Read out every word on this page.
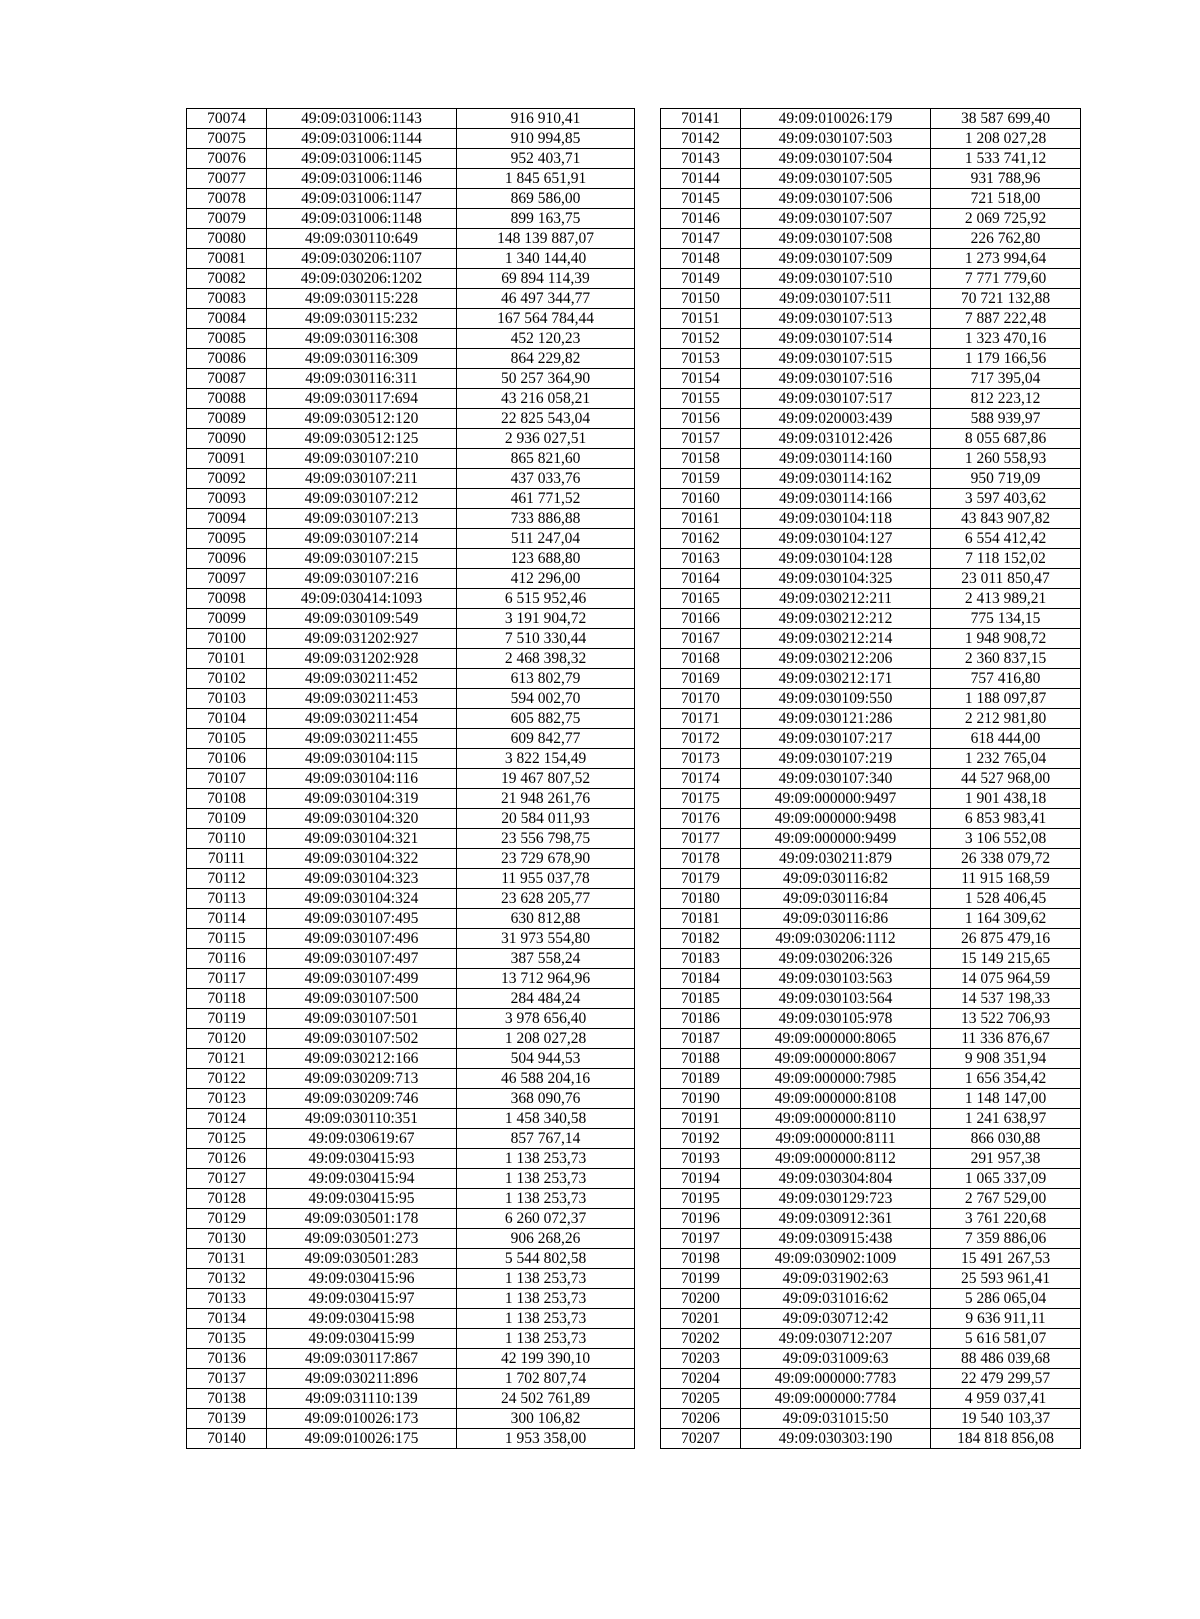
70074	49:09:031006:1143	916 910,41
70075	49:09:031006:1144	910 994,85
70076	49:09:031006:1145	952 403,71
70077	49:09:031006:1146	1 845 651,91
70078	49:09:031006:1147	869 586,00
70079	49:09:031006:1148	899 163,75
70080	49:09:030110:649	148 139 887,07
70081	49:09:030206:1107	1 340 144,40
70082	49:09:030206:1202	69 894 114,39
70083	49:09:030115:228	46 497 344,77
70084	49:09:030115:232	167 564 784,44
70085	49:09:030116:308	452 120,23
70086	49:09:030116:309	864 229,82
70087	49:09:030116:311	50 257 364,90
70088	49:09:030117:694	43 216 058,21
70089	49:09:030512:120	22 825 543,04
70090	49:09:030512:125	2 936 027,51
70091	49:09:030107:210	865 821,60
70092	49:09:030107:211	437 033,76
70093	49:09:030107:212	461 771,52
70094	49:09:030107:213	733 886,88
70095	49:09:030107:214	511 247,04
70096	49:09:030107:215	123 688,80
70097	49:09:030107:216	412 296,00
70098	49:09:030414:1093	6 515 952,46
70099	49:09:030109:549	3 191 904,72
70100	49:09:031202:927	7 510 330,44
70101	49:09:031202:928	2 468 398,32
70102	49:09:030211:452	613 802,79
70103	49:09:030211:453	594 002,70
70104	49:09:030211:454	605 882,75
70105	49:09:030211:455	609 842,77
70106	49:09:030104:115	3 822 154,49
70107	49:09:030104:116	19 467 807,52
70108	49:09:030104:319	21 948 261,76
70109	49:09:030104:320	20 584 011,93
70110	49:09:030104:321	23 556 798,75
70111	49:09:030104:322	23 729 678,90
70112	49:09:030104:323	11 955 037,78
70113	49:09:030104:324	23 628 205,77
70114	49:09:030107:495	630 812,88
70115	49:09:030107:496	31 973 554,80
70116	49:09:030107:497	387 558,24
70117	49:09:030107:499	13 712 964,96
70118	49:09:030107:500	284 484,24
70119	49:09:030107:501	3 978 656,40
70120	49:09:030107:502	1 208 027,28
70121	49:09:030212:166	504 944,53
70122	49:09:030209:713	46 588 204,16
70123	49:09:030209:746	368 090,76
70124	49:09:030110:351	1 458 340,58
70125	49:09:030619:67	857 767,14
70126	49:09:030415:93	1 138 253,73
70127	49:09:030415:94	1 138 253,73
70128	49:09:030415:95	1 138 253,73
70129	49:09:030501:178	6 260 072,37
70130	49:09:030501:273	906 268,26
70131	49:09:030501:283	5 544 802,58
70132	49:09:030415:96	1 138 253,73
70133	49:09:030415:97	1 138 253,73
70134	49:09:030415:98	1 138 253,73
70135	49:09:030415:99	1 138 253,73
70136	49:09:030117:867	42 199 390,10
70137	49:09:030211:896	1 702 807,74
70138	49:09:031110:139	24 502 761,89
70139	49:09:010026:173	300 106,82
70140	49:09:010026:175	1 953 358,00
70141	49:09:010026:179	38 587 699,40
70142	49:09:030107:503	1 208 027,28
70143	49:09:030107:504	1 533 741,12
70144	49:09:030107:505	931 788,96
70145	49:09:030107:506	721 518,00
70146	49:09:030107:507	2 069 725,92
70147	49:09:030107:508	226 762,80
70148	49:09:030107:509	1 273 994,64
70149	49:09:030107:510	7 771 779,60
70150	49:09:030107:511	70 721 132,88
70151	49:09:030107:513	7 887 222,48
70152	49:09:030107:514	1 323 470,16
70153	49:09:030107:515	1 179 166,56
70154	49:09:030107:516	717 395,04
70155	49:09:030107:517	812 223,12
70156	49:09:020003:439	588 939,97
70157	49:09:031012:426	8 055 687,86
70158	49:09:030114:160	1 260 558,93
70159	49:09:030114:162	950 719,09
70160	49:09:030114:166	3 597 403,62
70161	49:09:030104:118	43 843 907,82
70162	49:09:030104:127	6 554 412,42
70163	49:09:030104:128	7 118 152,02
70164	49:09:030104:325	23 011 850,47
70165	49:09:030212:211	2 413 989,21
70166	49:09:030212:212	775 134,15
70167	49:09:030212:214	1 948 908,72
70168	49:09:030212:206	2 360 837,15
70169	49:09:030212:171	757 416,80
70170	49:09:030109:550	1 188 097,87
70171	49:09:030121:286	2 212 981,80
70172	49:09:030107:217	618 444,00
70173	49:09:030107:219	1 232 765,04
70174	49:09:030107:340	44 527 968,00
70175	49:09:000000:9497	1 901 438,18
70176	49:09:000000:9498	6 853 983,41
70177	49:09:000000:9499	3 106 552,08
70178	49:09:030211:879	26 338 079,72
70179	49:09:030116:82	11 915 168,59
70180	49:09:030116:84	1 528 406,45
70181	49:09:030116:86	1 164 309,62
70182	49:09:030206:1112	26 875 479,16
70183	49:09:030206:326	15 149 215,65
70184	49:09:030103:563	14 075 964,59
70185	49:09:030103:564	14 537 198,33
70186	49:09:030105:978	13 522 706,93
70187	49:09:000000:8065	11 336 876,67
70188	49:09:000000:8067	9 908 351,94
70189	49:09:000000:7985	1 656 354,42
70190	49:09:000000:8108	1 148 147,00
70191	49:09:000000:8110	1 241 638,97
70192	49:09:000000:8111	866 030,88
70193	49:09:000000:8112	291 957,38
70194	49:09:030304:804	1 065 337,09
70195	49:09:030129:723	2 767 529,00
70196	49:09:030912:361	3 761 220,68
70197	49:09:030915:438	7 359 886,06
70198	49:09:030902:1009	15 491 267,53
70199	49:09:031902:63	25 593 961,41
70200	49:09:031016:62	5 286 065,04
70201	49:09:030712:42	9 636 911,11
70202	49:09:030712:207	5 616 581,07
70203	49:09:031009:63	88 486 039,68
70204	49:09:000000:7783	22 479 299,57
70205	49:09:000000:7784	4 959 037,41
70206	49:09:031015:50	19 540 103,37
70207	49:09:030303:190	184 818 856,08
